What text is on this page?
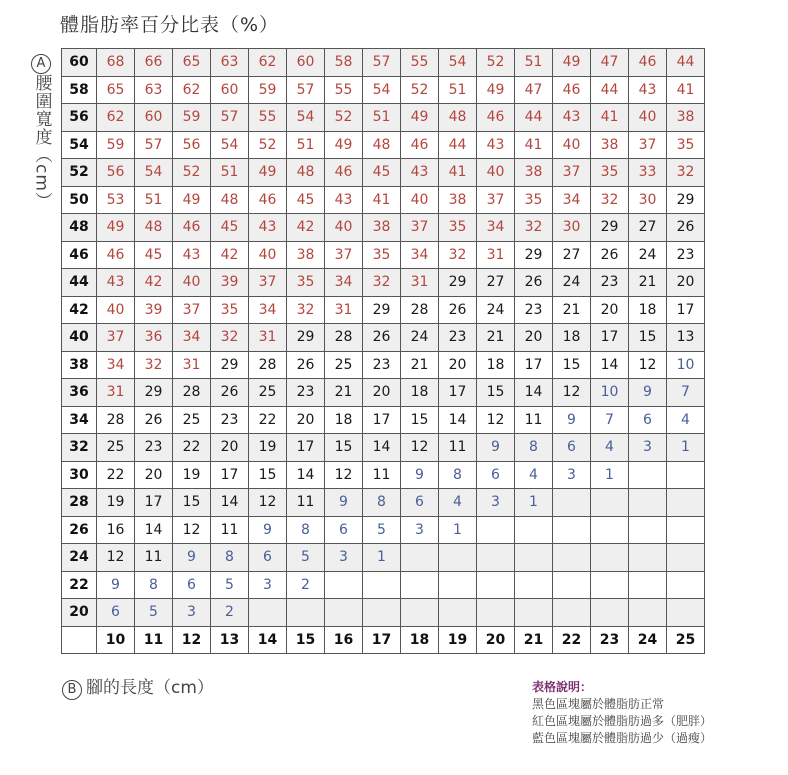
體脂肪率百分比表（%）
A
腰圍寬度（cm）
60	68	66	65	63	62	60	58	57	55	54	52	51	49	47	46	44
58	65	63	62	60	59	57	55	54	52	51	49	47	46	44	43	41
56	62	60	59	57	55	54	52	51	49	48	46	44	43	41	40	38
54	59	57	56	54	52	51	49	48	46	44	43	41	40	38	37	35
52	56	54	52	51	49	48	46	45	43	41	40	38	37	35	33	32
50	53	51	49	48	46	45	43	41	40	38	37	35	34	32	30	29
48	49	48	46	45	43	42	40	38	37	35	34	32	30	29	27	26
46	46	45	43	42	40	38	37	35	34	32	31	29	27	26	24	23
44	43	42	40	39	37	35	34	32	31	29	27	26	24	23	21	20
42	40	39	37	35	34	32	31	29	28	26	24	23	21	20	18	17
40	37	36	34	32	31	29	28	26	24	23	21	20	18	17	15	13
38	34	32	31	29	28	26	25	23	21	20	18	17	15	14	12	10
36	31	29	28	26	25	23	21	20	18	17	15	14	12	10	9	7
34	28	26	25	23	22	20	18	17	15	14	12	11	9	7	6	4
32	25	23	22	20	19	17	15	14	12	11	9	8	6	4	3	1
30	22	20	19	17	15	14	12	11	9	8	6	4	3	1		
28	19	17	15	14	12	11	9	8	6	4	3	1				
26	16	14	12	11	9	8	6	5	3	1						
24	12	11	9	8	6	5	3	1								
22	9	8	6	5	3	2										
20	6	5	3	2												
	10	11	12	13	14	15	16	17	18	19	20	21	22	23	24	25
B 腳的長度（cm）	表格說明：
黑色區塊屬於體脂肪正常
紅色區塊屬於體脂肪過多（肥胖）
藍色區塊屬於體脂肪過少（過瘦）
